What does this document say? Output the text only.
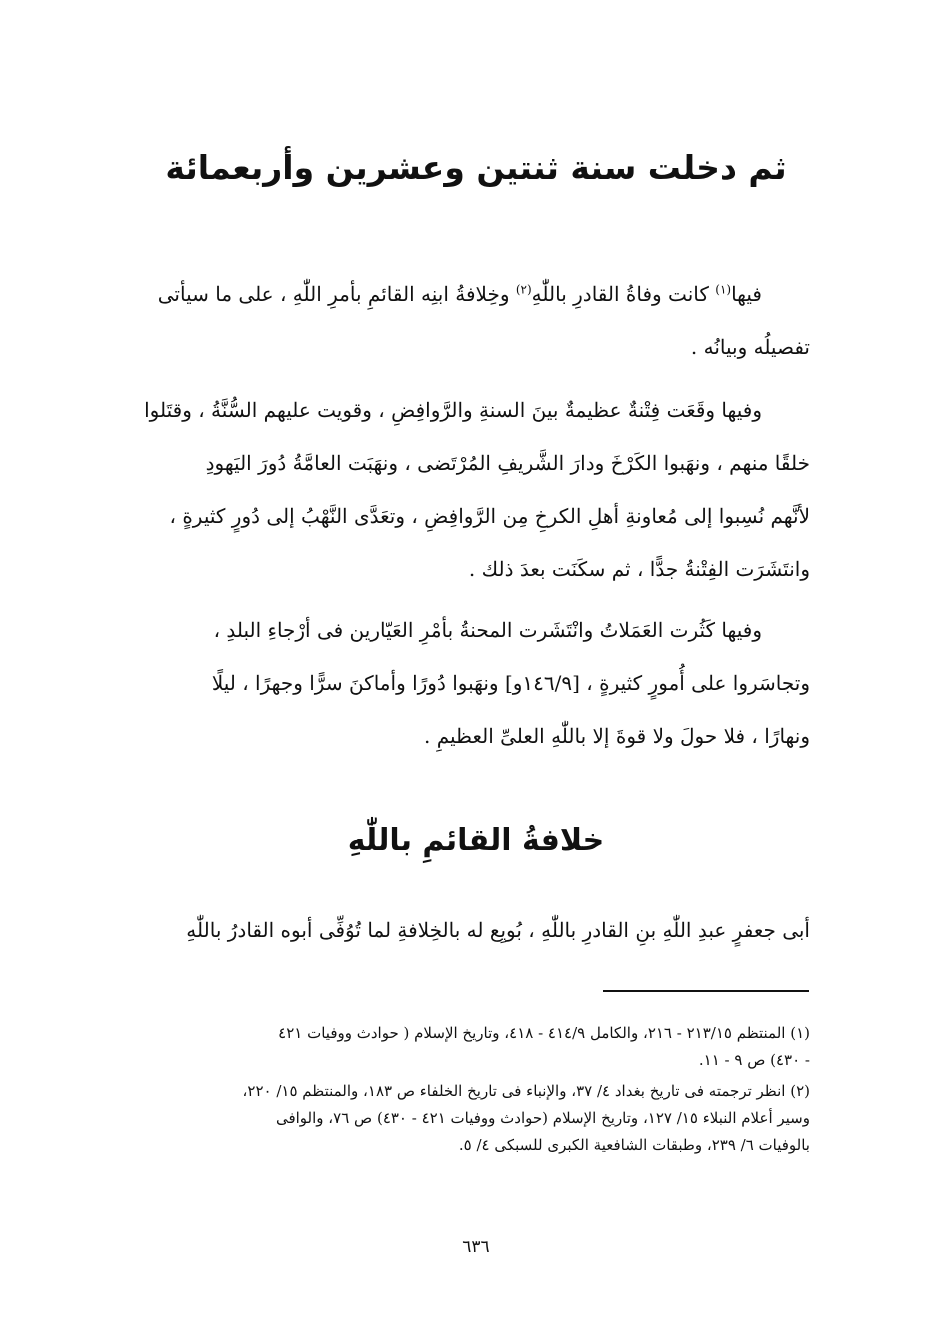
ثم دخلت سنة ثنتين وعشرين وأربعمائة
فيها$^{(١)}$ كانت وفاةُ القادرِ باللّٰهِ$^{(٢)}$ وخِلافةُ ابنِه القائمِ بأمرِ اللّٰهِ ، على ما سيأتى
تفصيلُه وبيانُه .
وفيها وقَعَت فِتْنةٌ عظيمةٌ بينَ السنةِ والرَّوافِضِ ، وقويت عليهم السُّنَّةُ ، وقتَلوا
خلقًا منهم ، ونهَبوا الكَرْخَ ودارَ الشَّريفِ المُرْتَضى ، ونهَبَت العامَّةُ دُورَ اليَهودِ
لأنَّهم نُسِبوا إلى مُعاونةِ أهلِ الكرخِ مِن الرَّوافِضِ ، وتعَدَّى النَّهْبُ إلى دُورٍ كثيرةٍ ،
وانتَشَرَت الفِتْنةُ جدًّا ، ثم سكَنَت بعدَ ذلك .
وفيها كَثُرت العَمَلاتُ وانْتَشَرت المحنةُ بأمْرِ العَيّارين فى أرْجاءِ البلدِ ،
وتجاسَروا على أُمورٍ كثيرةٍ ، [١٤٦/٩و] ونهَبوا دُورًا وأماكنَ سرًّا وجهرًا ، ليلًا
ونهارًا ، فلا حولَ ولا قوةَ إلا باللّٰهِ العلىِّ العظيمِ .
خلافةُ القائمِ باللّٰهِ
أبى جعفرٍ عبدِ اللّٰهِ بنِ القادرِ باللّٰهِ ، بُويِع له بالخِلافةِ لما تُوُفِّى أبوه القادرُ باللّٰهِ
(١) المنتظم ٢١٣/١٥ - ٢١٦، والكامل ٤١٤/٩ - ٤١٨، وتاريخ الإسلام ( حوادث ووفيات ٤٢١
- ٤٣٠) ص ٩ - ١١.
(٢) انظر ترجمته فى تاريخ بغداد ٤/ ٣٧، والإنباء فى تاريخ الخلفاء ص ١٨٣، والمنتظم ١٥/ ٢٢٠،
وسير أعلام النبلاء ١٥/ ١٢٧، وتاريخ الإسلام (حوادث ووفيات ٤٢١ - ٤٣٠) ص ٧٦، والوافى
بالوفيات ٦/ ٢٣٩، وطبقات الشافعية الكبرى للسبكى ٤/ ٥.
٦٣٦
